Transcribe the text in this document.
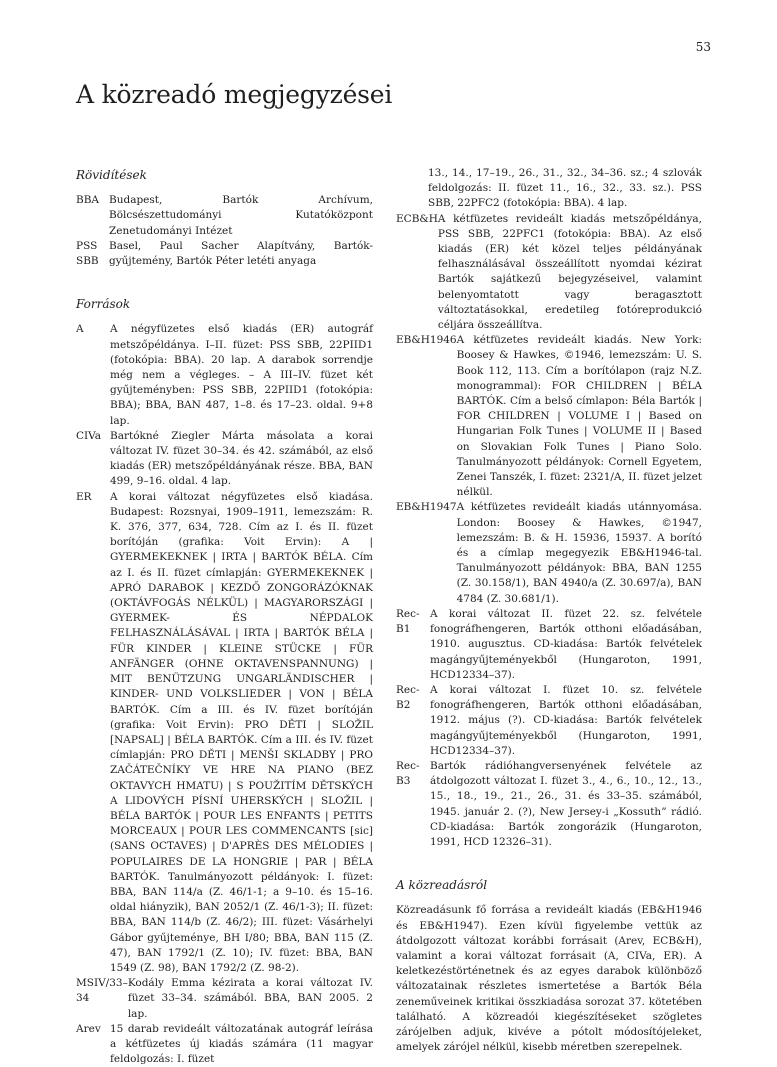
53
A közreadó megjegyzései

Rövidítések

BBA Budapest, Bartók Archívum, Bölcsészettudományi Kutatóközpont Zenetudományi Intézet
PSS SBB
Basel, Paul Sacher Alapítvány, Bartók-gyűjtemény, Bartók Péter letéti anyaga

Források

A	A négyfüzetes első kiadás (ER) autográf metszőpéldánya. I–II. füzet: PSS SBB, 22PIID1 (fotokópia: BBA). 20 lap. A darabok sorrendje még nem a végleges. – A III–IV. füzet két gyűjteményben: PSS SBB, 22PIID1 (fotokópia: BBA); BBA, BAN 487, 1–8. és 17–23. oldal. 9+8 lap.
CIVa Bartókné Ziegler Márta másolata a korai változat IV. füzet 30–34. és 42. számából, az első kiadás (ER) metszőpéldányának része. BBA, BAN 499, 9–16. oldal. 4 lap.
ER	A korai változat négyfüzetes első kiadása. Budapest: Rozsnyai, 1909–1911, lemezszám: R. K. 376, 377, 634, 728. Cím az I. és II. füzet borítóján (grafika: Voit Ervin): A | GYERMEKEKNEK | IRTA | BARTÓK BÉLA. Cím az I. és II. füzet címlapján: GYERMEKEKNEK | APRÓ DARABOK | KEZDŐ ZONGORÁZÓKNAK (OKTÁVFOGÁS NÉLKÜL) | MAGYARORSZÁGI | GYERMEK- ÉS NÉPDALOK FELHASZNÁLÁSÁVAL | IRTA | BARTÓK BÉLA | FÜR KINDER | KLEINE STÜCKE | FÜR ANFÄNGER (OHNE OKTAVENSPANNUNG) | MIT BENÜTZUNG UNGARLÄNDISCHER | KINDER- UND VOLKSLIEDER | VON | BÉLA BARTÓK. Cím a III. és IV. füzet borítóján (grafika: Voit Ervin): PRO DĚTI | SLOŽIL [NAPSAL] | BÉLA BARTÓK. Cím a III. és IV. füzet címlapján: PRO DĚTI | MENŠI SKLADBY | PRO ZAČÁTEČNÍKY VE HRE NA PIANO (BEZ OKTAVYCH HMATU) | S POUŽITÍM DĚTSKÝCH A LIDOVÝCH PÍSNÍ UHERSKÝCH | SLOŽIL | BÉLA BARTÓK | POUR LES ENFANTS | PETITS MORCEAUX | POUR LES COMMENCANTS [sic] (SANS OCTAVES) | D'APRÈS DES MÉLODIES | POPULAIRES DE LA HONGRIE | PAR | BÉLA BARTÓK. Tanulmányozott példányok: I. füzet: BBA, BAN 114/a (Z. 46/1-1; a 9–10. és 15–16. oldal hiányzik), BAN 2052/1 (Z. 46/1-3); II. füzet: BBA, BAN 114/b (Z. 46/2); III. füzet: Vásárhelyi Gábor gyűjteménye, BH I/80; BBA, BAN 115 (Z. 47), BAN 1792/1 (Z. 10); IV. füzet: BBA, BAN 1549 (Z. 98), BAN 1792/2 (Z. 98-2).
MSIV/33–34
Kodály Emma kézirata a korai változat IV. füzet 33–34. számából. BBA, BAN 2005. 2 lap.
Arev 15 darab revideált változatának autográf leírása a kétfüzetes új kiadás számára (11 magyar feldolgozás: I. füzet

13., 14., 17–19., 26., 31., 32., 34–36. sz.; 4 szlovák feldolgozás: II. füzet 11., 16., 32., 33. sz.). PSS SBB, 22PFC2 (fotokópia: BBA). 4 lap.

ECB&H A kétfüzetes revideált kiadás metszőpéldánya, PSS SBB, 22PFC1 (fotokópia: BBA). Az első kiadás (ER) két közel teljes példányának felhasználásával összeállított nyomdai kézirat Bartók sajátkezű bejegyzéseivel, valamint belenyomtatott vagy beragasztott változtatásokkal, eredetileg fotóreprodukció céljára összeállítva.
EB&H1946 A kétfüzetes revideált kiadás. New York: Boosey & Hawkes, ©1946, lemezszám: U. S. Book 112, 113. Cím a borítólapon (rajz N.Z. monogrammal): FOR CHILDREN | BÉLA BARTÓK. Cím a belső címlapon: Béla Bartók | FOR CHILDREN | VOLUME I | Based on Hungarian Folk Tunes | VOLUME II | Based on Slovakian Folk Tunes | Piano Solo. Tanulmányozott példányok: Cornell Egyetem, Zenei Tanszék, I. füzet: 2321/A, II. füzet jelzet nélkül.
EB&H1947 A kétfüzetes revideált kiadás utánnyomása. London: Boosey & Hawkes, ©1947, lemezszám: B. & H. 15936, 15937. A borító és a címlap megegyezik EB&H1946-tal. Tanulmányozott példányok: BBA, BAN 1255 (Z. 30.158/1), BAN 4940/a (Z. 30.697/a), BAN 4784 (Z. 30.681/1).
Rec-B1
A korai változat II. füzet 22. sz. felvétele fonográfhengeren, Bartók otthoni előadásában, 1910. augusztus. CD-kiadása: Bartók felvételek magángyűjteményekből (Hungaroton, 1991, HCD12334–37).
Rec-B2
A korai változat I. füzet 10. sz. felvétele fonográfhengeren, Bartók otthoni előadásában, 1912. május (?). CD-kiadása: Bartók felvételek magángyűjteményekből (Hungaroton, 1991, HCD12334–37).
Rec-B3
Bartók rádióhangversenyének felvétele az átdolgozott változat I. füzet 3., 4., 6., 10., 12., 13., 15., 18., 19., 21., 26., 31. és 33–35. számából, 1945. január 2. (?), New Jersey-i „Kossuth” rádió. CD-kiadása: Bartók zongorázik (Hungaroton, 1991, HCD 12326–31).

A közreadásról

Közreadásunk fő forrása a revideált kiadás (EB&H1946 és EB&H1947). Ezen kívül figyelembe vettük az átdolgozott változat korábbi forrásait (Arev, ECB&H), valamint a korai változat forrásait (A, CIVa, ER). A keletkezéstörténetnek és az egyes darabok különböző változatainak részletes ismertetése a Bartók Béla zeneműveinek kritikai összkiadása sorozat 37. kötetében található. A közreadói kiegészítéseket szögletes zárójelben adjuk, kivéve a pótolt módosítójeleket, amelyek zárójel nélkül, kisebb méretben szerepelnek.
